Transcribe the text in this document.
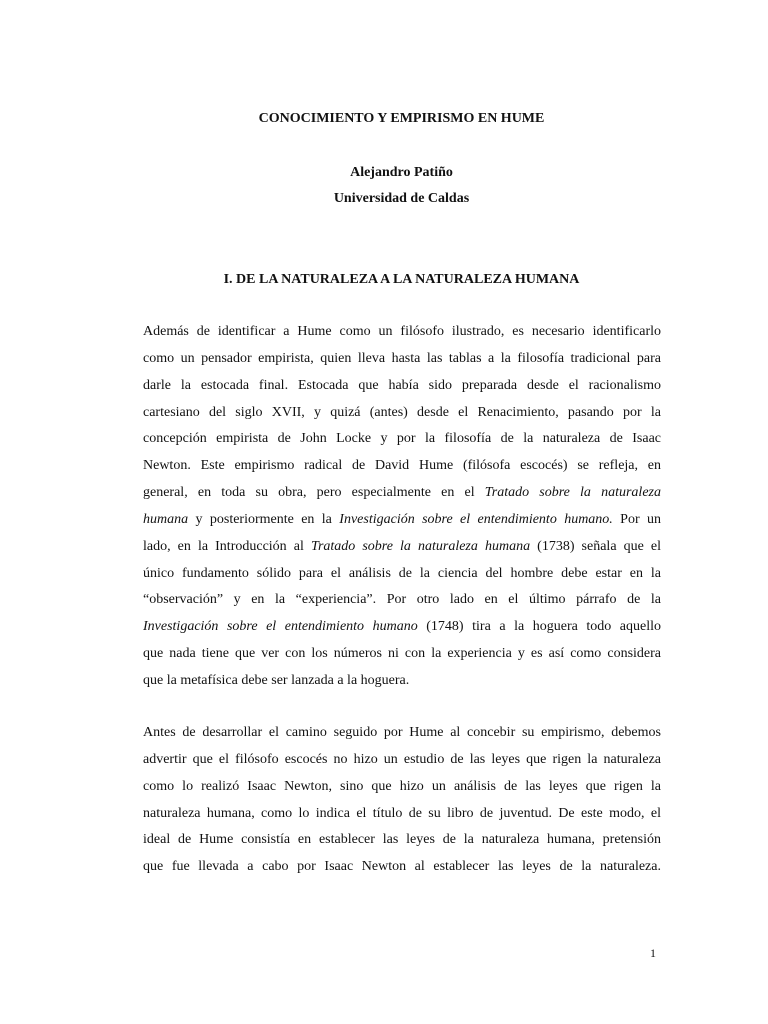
CONOCIMIENTO Y EMPIRISMO EN HUME
Alejandro Patiño
Universidad de Caldas
I. DE LA NATURALEZA A LA NATURALEZA HUMANA
Además de identificar a Hume como un filósofo ilustrado, es necesario identificarlo
como un pensador empirista, quien lleva hasta las tablas a la filosofía tradicional para
darle la estocada final. Estocada que había sido preparada desde el racionalismo
cartesiano del siglo XVII, y quizá (antes) desde el Renacimiento, pasando por la
concepción empirista de John Locke y por la filosofía de la naturaleza de Isaac
Newton. Este empirismo radical de David Hume (filósofa escocés) se refleja, en
general, en toda su obra, pero especialmente en el Tratado sobre la naturaleza
humana y posteriormente en la Investigación sobre el entendimiento humano. Por un
lado, en la Introducción al Tratado sobre la naturaleza humana (1738) señala que el
único fundamento sólido para el análisis de la ciencia del hombre debe estar en la
“observación” y en la “experiencia”. Por otro lado en el último párrafo de la
Investigación sobre el entendimiento humano (1748) tira a la hoguera todo aquello
que nada tiene que ver con los números ni con la experiencia y es así como considera
que la metafísica debe ser lanzada a la hoguera.
Antes de desarrollar el camino seguido por Hume al concebir su empirismo, debemos
advertir que el filósofo escocés no hizo un estudio de las leyes que rigen la naturaleza
como lo realizó Isaac Newton, sino que hizo un análisis de las leyes que rigen la
naturaleza humana, como lo indica el título de su libro de juventud. De este modo, el
ideal de Hume consistía en establecer las leyes de la naturaleza humana, pretensión
que fue llevada a cabo por Isaac Newton al establecer las leyes de la naturaleza.
1
